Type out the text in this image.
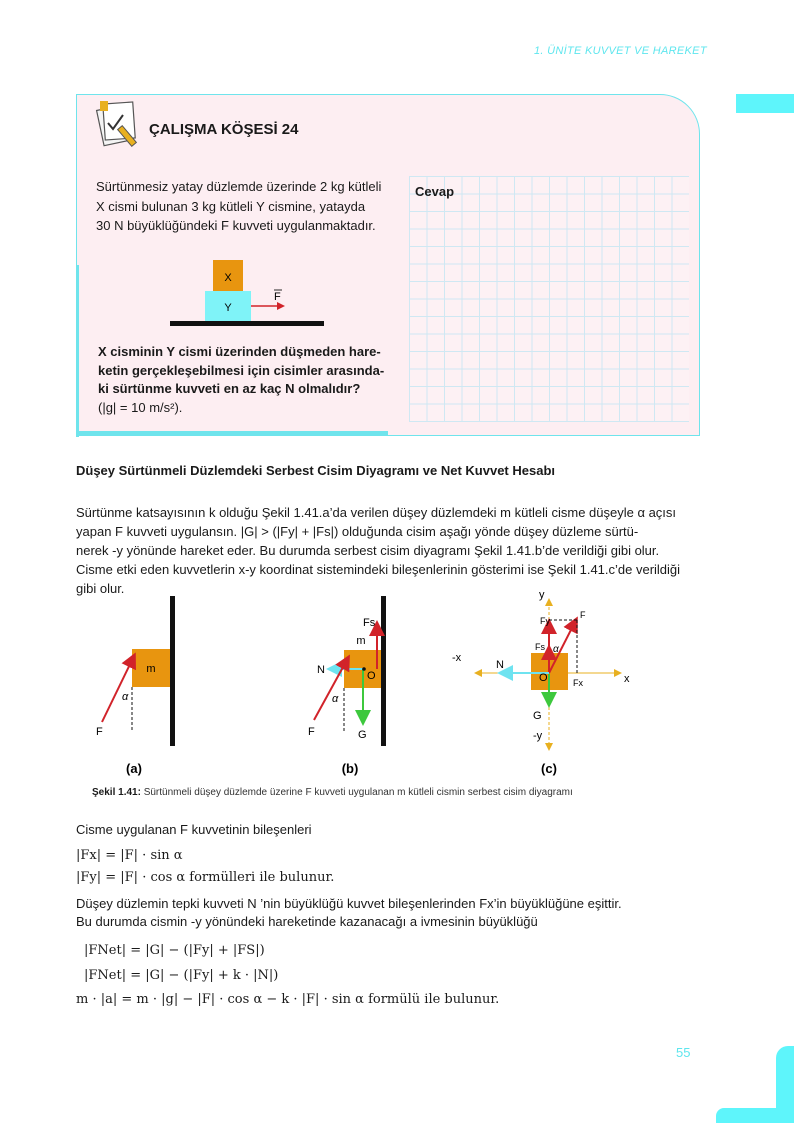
1. ÜNİTE KUVVET VE HAREKET
55
ÇALIŞMA KÖŞESİ 24
Cevap
Sürtünmesiz yatay düzlemde üzerinde 2 kg kütleli
X cismi bulunan 3 kg kütleli Y cismine, yatayda
30 N büyüklüğündeki F kuvveti uygulanmaktadır.
X
Y
F
X cisminin Y cismi üzerinden düşmeden hare-
ketin gerçekleşebilmesi için cisimler arasında-
ki sürtünme kuvveti en az kaç N olmalıdır?
(|g| = 10 m/s²).
Düşey Sürtünmeli Düzlemdeki Serbest Cisim Diyagramı ve Net Kuvvet Hesabı
Sürtünme katsayısının k olduğu Şekil 1.41.a’da verilen düşey düzlemdeki m kütleli cisme düşeyle α açısı
yapan F kuvveti uygulansın. |G| > (|Fy| + |Fs|) olduğunda cisim aşağı yönde düşey düzleme sürtü-
nerek -y yönünde hareket eder. Bu durumda serbest cisim diyagramı Şekil 1.41.b’de verildiği gibi olur.
Cisme etki eden kuvvetlerin x-y koordinat sistemindeki bileşenlerinin gösterimi ise Şekil 1.41.c’de verildiği
gibi olur.
m
α
F
(a)
m
Fs
N
G
O
α
F
(b)
Fy
F
Fs α
O	Fx
N
G
-x
x
y
-y
(c)
Şekil 1.41: Sürtünmeli düşey düzlemde üzerine F kuvveti uygulanan m kütleli cismin serbest cisim diyagramı
Cisme uygulanan F kuvvetinin bileşenleri
|Fx| = |F| · sin α
|Fy| = |F| · cos α formülleri ile bulunur.
Düşey düzlemin tepki kuvveti N ’nin büyüklüğü kuvvet bileşenlerinden Fx’in büyüklüğüne eşittir.
Bu durumda cismin -y yönündeki hareketinde kazanacağı a ivmesinin büyüklüğü
|FNet| = |G| − (|Fy| + |FS|)
|FNet| = |G| − (|Fy| + k · |N|)
m · |a| = m · |g| − |F| · cos α − k · |F| · sin α formülü ile bulunur.
